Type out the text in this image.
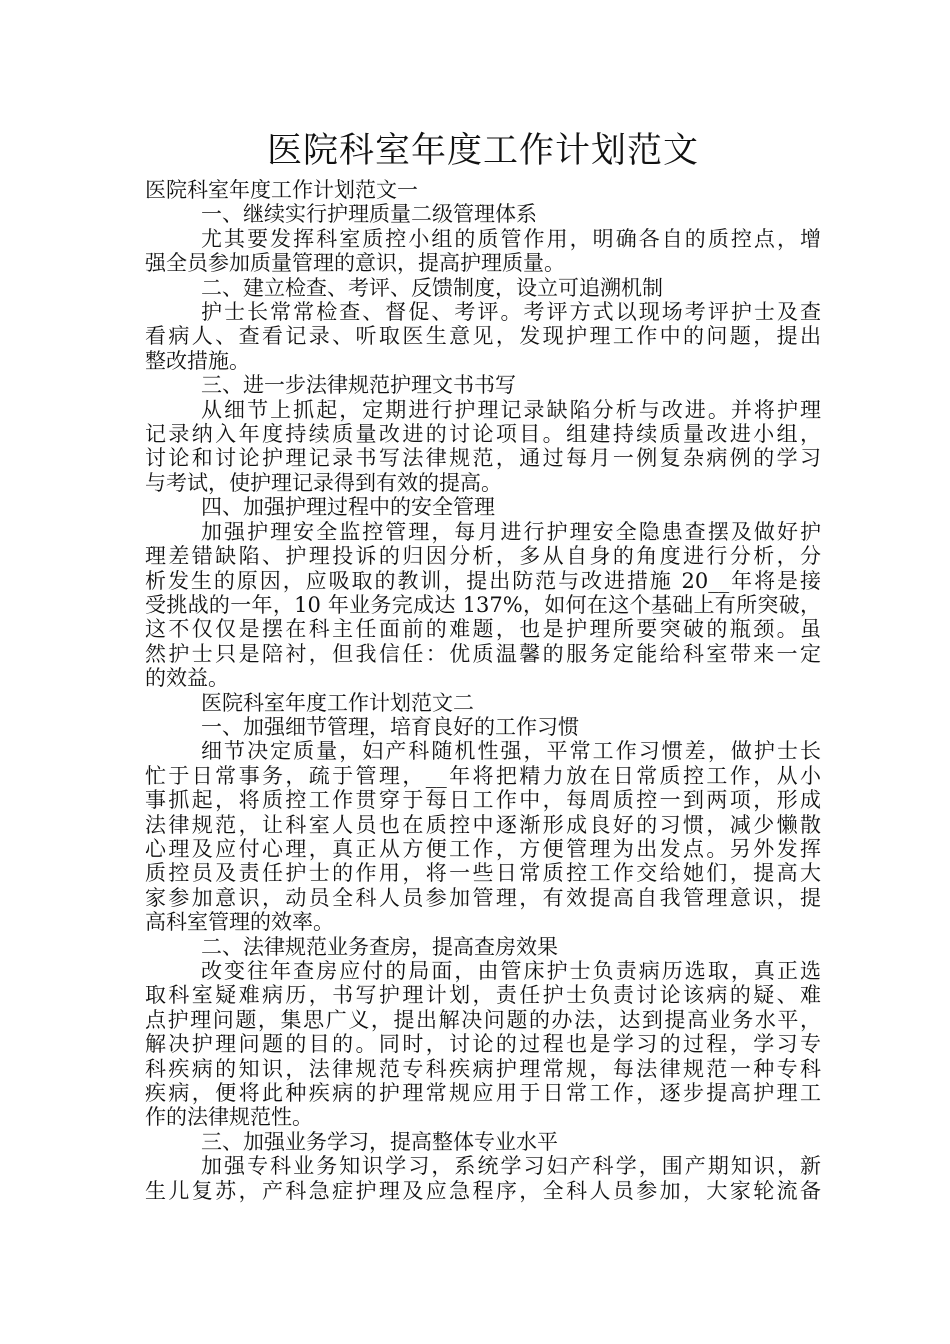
医院科室年度工作计划范文

医院科室年度工作计划范文一

一、继续实行护理质量二级管理体系

尤其要发挥科室质控小组的质管作用，明确各自的质控点，增

强全员参加质量管理的意识，提高护理质量。

二、建立检查、考评、反馈制度，设立可追溯机制

护士长常常检查、督促、考评。考评方式以现场考评护士及查

看病人、查看记录、听取医生意见，发现护理工作中的问题，提出

整改措施。

三、进一步法律规范护理文书书写

从细节上抓起，定期进行护理记录缺陷分析与改进。并将护理

记录纳入年度持续质量改进的讨论项目。组建持续质量改进小组，

讨论和讨论护理记录书写法律规范，通过每月一例复杂病例的学习

与考试，使护理记录得到有效的提高。

四、加强护理过程中的安全管理

加强护理安全监控管理，每月进行护理安全隐患查摆及做好护

理差错缺陷、护理投诉的归因分析，多从自身的角度进行分析，分

析发生的原因，应吸取的教训，提出防范与改进措施 20__年将是接

受挑战的一年，10 年业务完成达 137%，如何在这个基础上有所突破，

这不仅仅是摆在科主任面前的难题，也是护理所要突破的瓶颈。虽

然护士只是陪衬，但我信任：优质温馨的服务定能给科室带来一定

的效益。

医院科室年度工作计划范文二

一、加强细节管理，培育良好的工作习惯

细节决定质量，妇产科随机性强，平常工作习惯差，做护士长

忙于日常事务，疏于管理，__年将把精力放在日常质控工作，从小

事抓起，将质控工作贯穿于每日工作中，每周质控一到两项，形成

法律规范，让科室人员也在质控中逐渐形成良好的习惯，减少懒散

心理及应付心理，真正从方便工作，方便管理为出发点。另外发挥

质控员及责任护士的作用，将一些日常质控工作交给她们，提高大

家参加意识，动员全科人员参加管理，有效提高自我管理意识，提

高科室管理的效率。

二、法律规范业务查房，提高查房效果

改变往年查房应付的局面，由管床护士负责病历选取，真正选

取科室疑难病历，书写护理计划，责任护士负责讨论该病的疑、难

点护理问题，集思广义，提出解决问题的办法，达到提高业务水平，

解决护理问题的目的。同时，讨论的过程也是学习的过程，学习专

科疾病的知识，法律规范专科疾病护理常规，每法律规范一种专科

疾病，便将此种疾病的护理常规应用于日常工作，逐步提高护理工

作的法律规范性。

三、加强业务学习，提高整体专业水平

加强专科业务知识学习，系统学习妇产科学，围产期知识，新

生儿复苏，产科急症护理及应急程序，全科人员参加，大家轮流备
